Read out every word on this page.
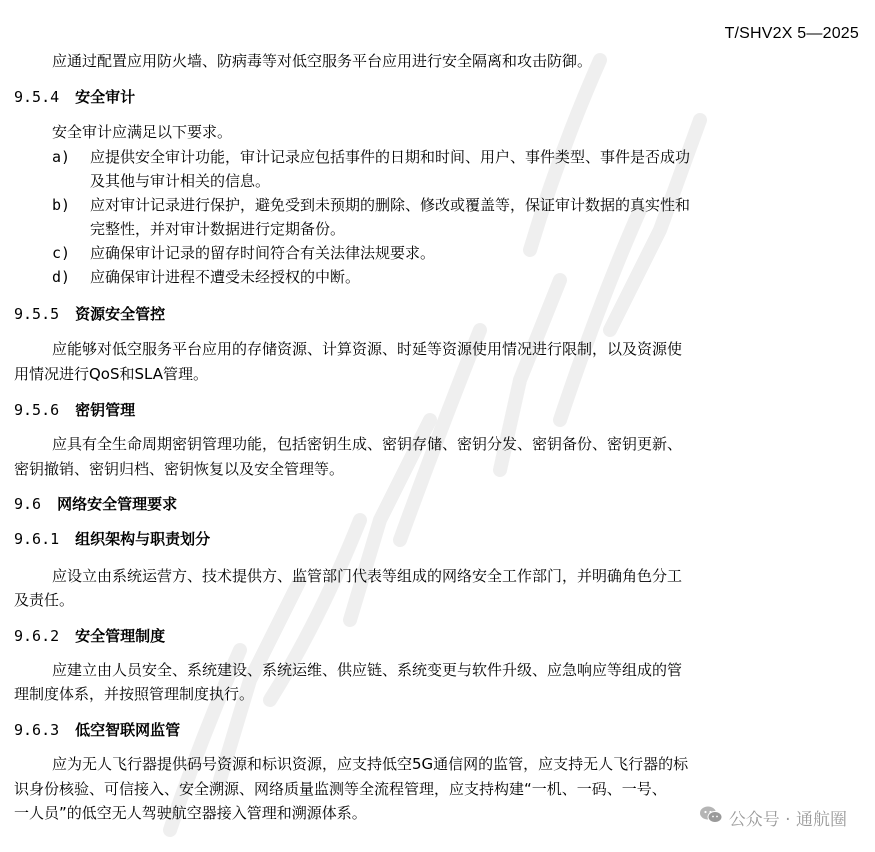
T/SHV2X 5—2025
应通过配置应用防火墙、防病毒等对低空服务平台应用进行安全隔离和攻击防御。
9.5.4 安全审计
安全审计应满足以下要求。
a) 应提供安全审计功能，审计记录应包括事件的日期和时间、用户、事件类型、事件是否成功
及其他与审计相关的信息。
b) 应对审计记录进行保护，避免受到未预期的删除、修改或覆盖等，保证审计数据的真实性和
完整性，并对审计数据进行定期备份。
c) 应确保审计记录的留存时间符合有关法律法规要求。
d) 应确保审计进程不遭受未经授权的中断。
9.5.5 资源安全管控
应能够对低空服务平台应用的存储资源、计算资源、时延等资源使用情况进行限制，以及资源使
用情况进行QoS和SLA管理。
9.5.6 密钥管理
应具有全生命周期密钥管理功能，包括密钥生成、密钥存储、密钥分发、密钥备份、密钥更新、
密钥撤销、密钥归档、密钥恢复以及安全管理等。
9.6 网络安全管理要求
9.6.1 组织架构与职责划分
应设立由系统运营方、技术提供方、监管部门代表等组成的网络安全工作部门，并明确角色分工
及责任。
9.6.2 安全管理制度
应建立由人员安全、系统建设、系统运维、供应链、系统变更与软件升级、应急响应等组成的管
理制度体系，并按照管理制度执行。
9.6.3 低空智联网监管
应为无人飞行器提供码号资源和标识资源，应支持低空5G通信网的监管，应支持无人飞行器的标
识身份核验、可信接入、安全溯源、网络质量监测等全流程管理，应支持构建“一机、一码、一号、
一人员”的低空无人驾驶航空器接入管理和溯源体系。	公众号 · 通航圈
